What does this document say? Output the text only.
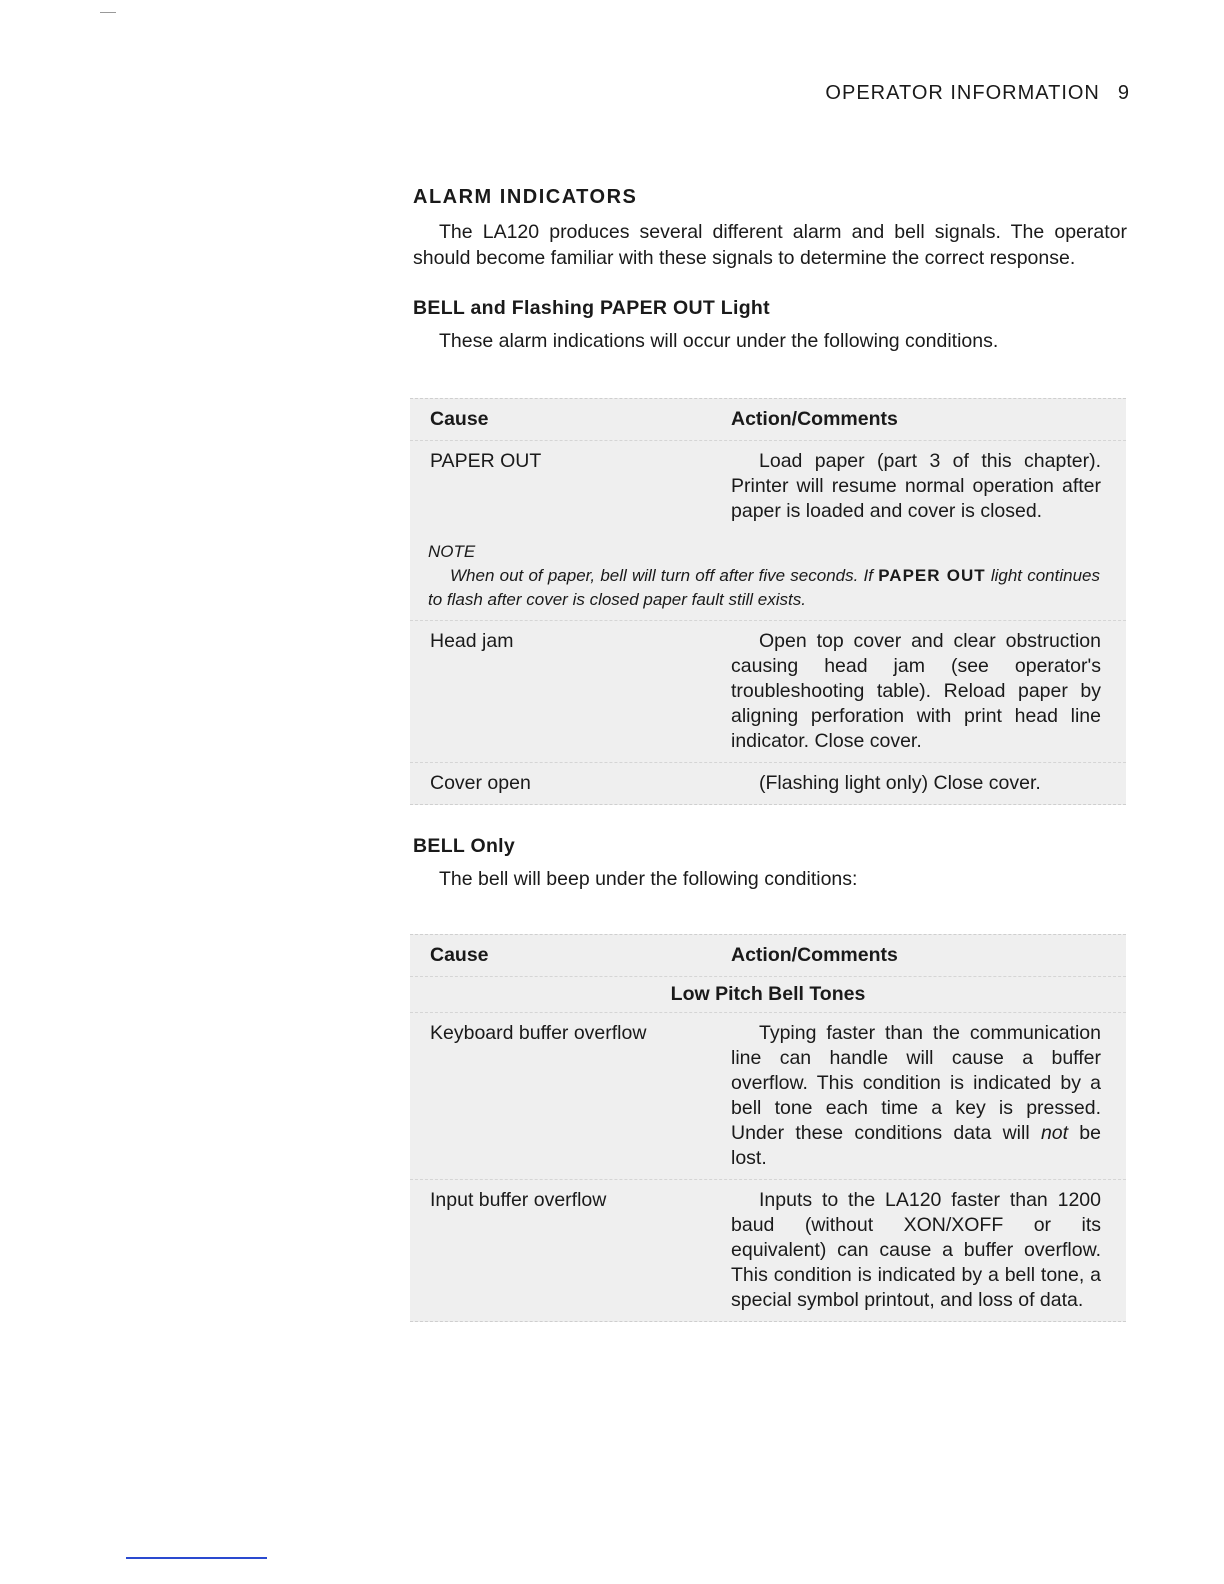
OPERATOR INFORMATION 9
ALARM INDICATORS

The LA120 produces several different alarm and bell signals. The operator should become familiar with these signals to determine the correct response.

BELL and Flashing PAPER OUT Light

These alarm indications will occur under the following conditions.

Cause	Action/Comments
PAPER OUT	Load paper (part 3 of this chapter). Printer will resume normal operation after paper is loaded and cover is closed.
NOTE
When out of paper, bell will turn off after five seconds. If PAPER OUT light continues to flash after cover is closed paper fault still exists.
Head jam	Open top cover and clear obstruction causing head jam (see operator's troubleshooting table). Reload paper by aligning perforation with print head line indicator. Close cover.
Cover open	(Flashing light only) Close cover.
BELL Only

The bell will beep under the following conditions:

Cause	Action/Comments
Low Pitch Bell Tones
Keyboard buffer overflow	Typing faster than the communication line can handle will cause a buffer overflow. This condition is indicated by a bell tone each time a key is pressed. Under these conditions data will not be lost.
Input buffer overflow	Inputs to the LA120 faster than 1200 baud (without XON/XOFF or its equivalent) can cause a buffer overflow. This condition is indicated by a bell tone, a special symbol printout, and loss of data.
